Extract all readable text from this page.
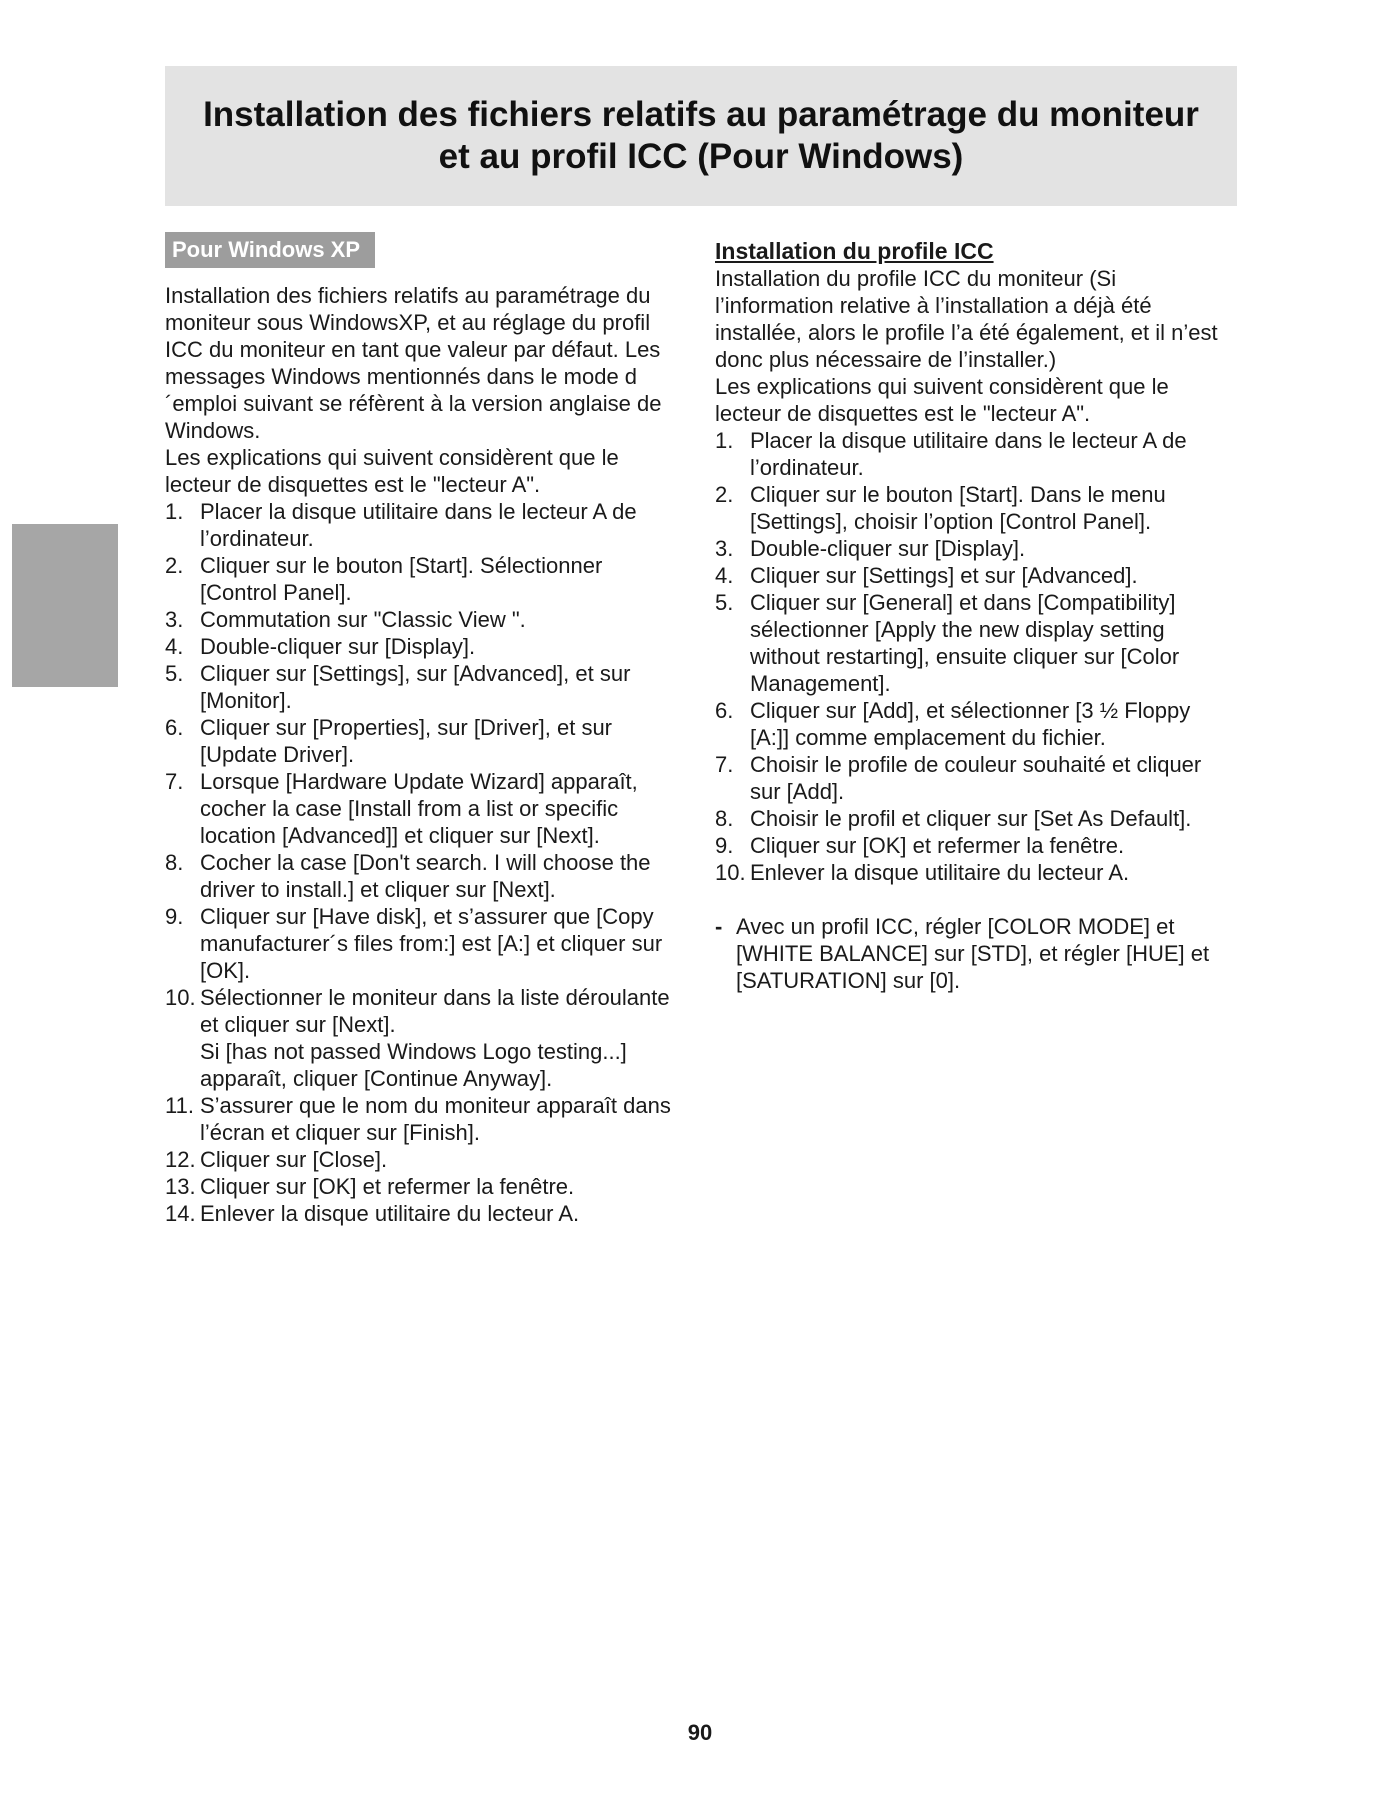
Installation des fichiers relatifs au paramétrage du moniteur et au profil ICC (Pour Windows)
Pour Windows XP

Installation des fichiers relatifs au paramétrage du moniteur sous WindowsXP, et au réglage du profil ICC du moniteur en tant que valeur par défaut. Les messages Windows mentionnés dans le mode d´emploi suivant se réfèrent à la version anglaise de Windows.

Les explications qui suivent considèrent que le lecteur de disquettes est le "lecteur A".

1. Placer la disque utilitaire dans le lecteur A de l’ordinateur.
2. Cliquer sur le bouton [Start]. Sélectionner [Control Panel].
3. Commutation sur "Classic View ".
4. Double-cliquer sur [Display].
5. Cliquer sur [Settings], sur [Advanced], et sur [Monitor].
6. Cliquer sur [Properties], sur [Driver], et sur [Update Driver].
7. Lorsque [Hardware Update Wizard] apparaît, cocher la case [Install from a list or specific location [Advanced]] et cliquer sur [Next].
8. Cocher la case [Don't search. I will choose the driver to install.] et cliquer sur [Next].
9. Cliquer sur [Have disk], et s’assurer que [Copy manufacturer´s files from:] est [A:] et cliquer sur [OK].
10. Sélectionner le moniteur dans la liste déroulante et cliquer sur [Next].
Si [has not passed Windows Logo testing...] apparaît, cliquer [Continue Anyway].
11. S’assurer que le nom du moniteur apparaît dans l’écran et cliquer sur [Finish].
12. Cliquer sur [Close].
13. Cliquer sur [OK] et refermer la fenêtre.
14. Enlever la disque utilitaire du lecteur A.
Installation du profile ICC

Installation du profile ICC du moniteur (Si l’information relative à l’installation a déjà été installée, alors le profile l’a été également, et il n’est donc plus nécessaire de l’installer.)

Les explications qui suivent considèrent que le lecteur de disquettes est le "lecteur A".

1. Placer la disque utilitaire dans le lecteur A de l’ordinateur.
2. Cliquer sur le bouton [Start]. Dans le menu [Settings], choisir l’option [Control Panel].
3. Double-cliquer sur [Display].
4. Cliquer sur [Settings] et sur [Advanced].
5. Cliquer sur [General] et dans [Compatibility] sélectionner [Apply the new display setting without restarting], ensuite cliquer sur [Color Management].
6. Cliquer sur [Add], et sélectionner [3 ½ Floppy [A:]] comme emplacement du fichier.
7. Choisir le profile de couleur souhaité et cliquer sur [Add].
8. Choisir le profil et cliquer sur [Set As Default].
9. Cliquer sur [OK] et refermer la fenêtre.
10. Enlever la disque utilitaire du lecteur A.
- Avec un profil ICC, régler [COLOR MODE] et [WHITE BALANCE] sur [STD], et régler [HUE] et [SATURATION] sur [0].
90
